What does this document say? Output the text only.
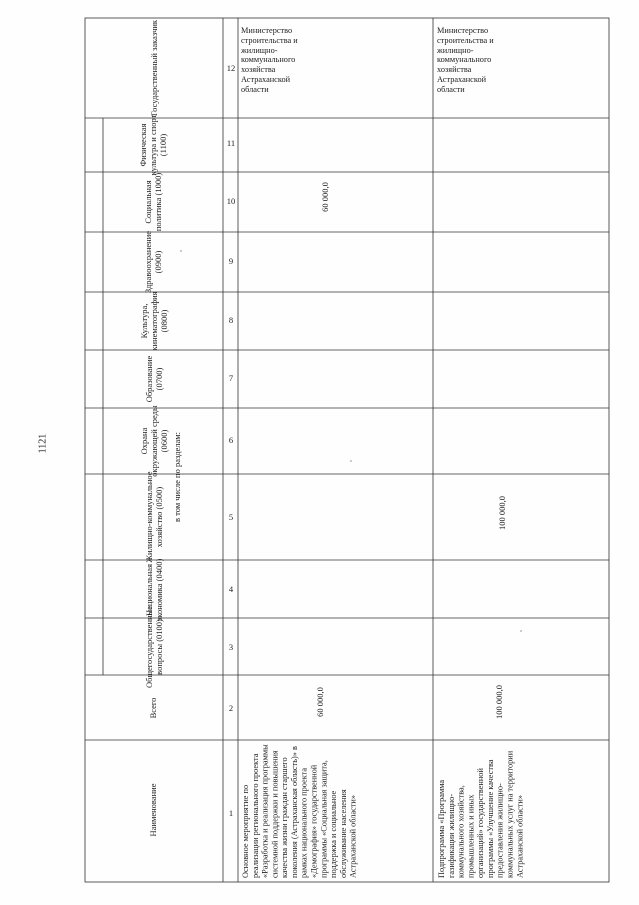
1121
Государственный заказчик
в том числе по разделам:
Физическая культура и спорт (1100)
Социальная политика (1000)
Здравоохранение (0900)
Культура, кинематография (0800)
Образование (0700)
Охрана окружающей среды (0600)
Жилищно-коммунальное хозяйство (0500)
Национальная экономика (0400)
Общегосударственные вопросы (0100)
Всего
Наименование
12
11
10
9
8
7
6
5
4
3
2
1
Министерство строительства и жилищно-коммунального хозяйства Астраханской области
60 000,0
60 000,0
Основное мероприятие по реализации регионального проекта «Разработка и реализация программы системной поддержки и повышения качества жизни граждан старшего поколения (Астраханская область)» в рамках национального проекта «Демография» государственной программы «Социальная защита, поддержка и социальное обслуживание населения Астраханской области»
Министерство строительства и жилищно-коммунального хозяйства Астраханской области
100 000,0
100 000,0
Подпрограмма «Программа газификации жилищно-коммунального хозяйства, промышленных и иных организаций» государственной программы «Улучшение качества предоставления жилищно-коммунальных услуг на территории Астраханской области»
